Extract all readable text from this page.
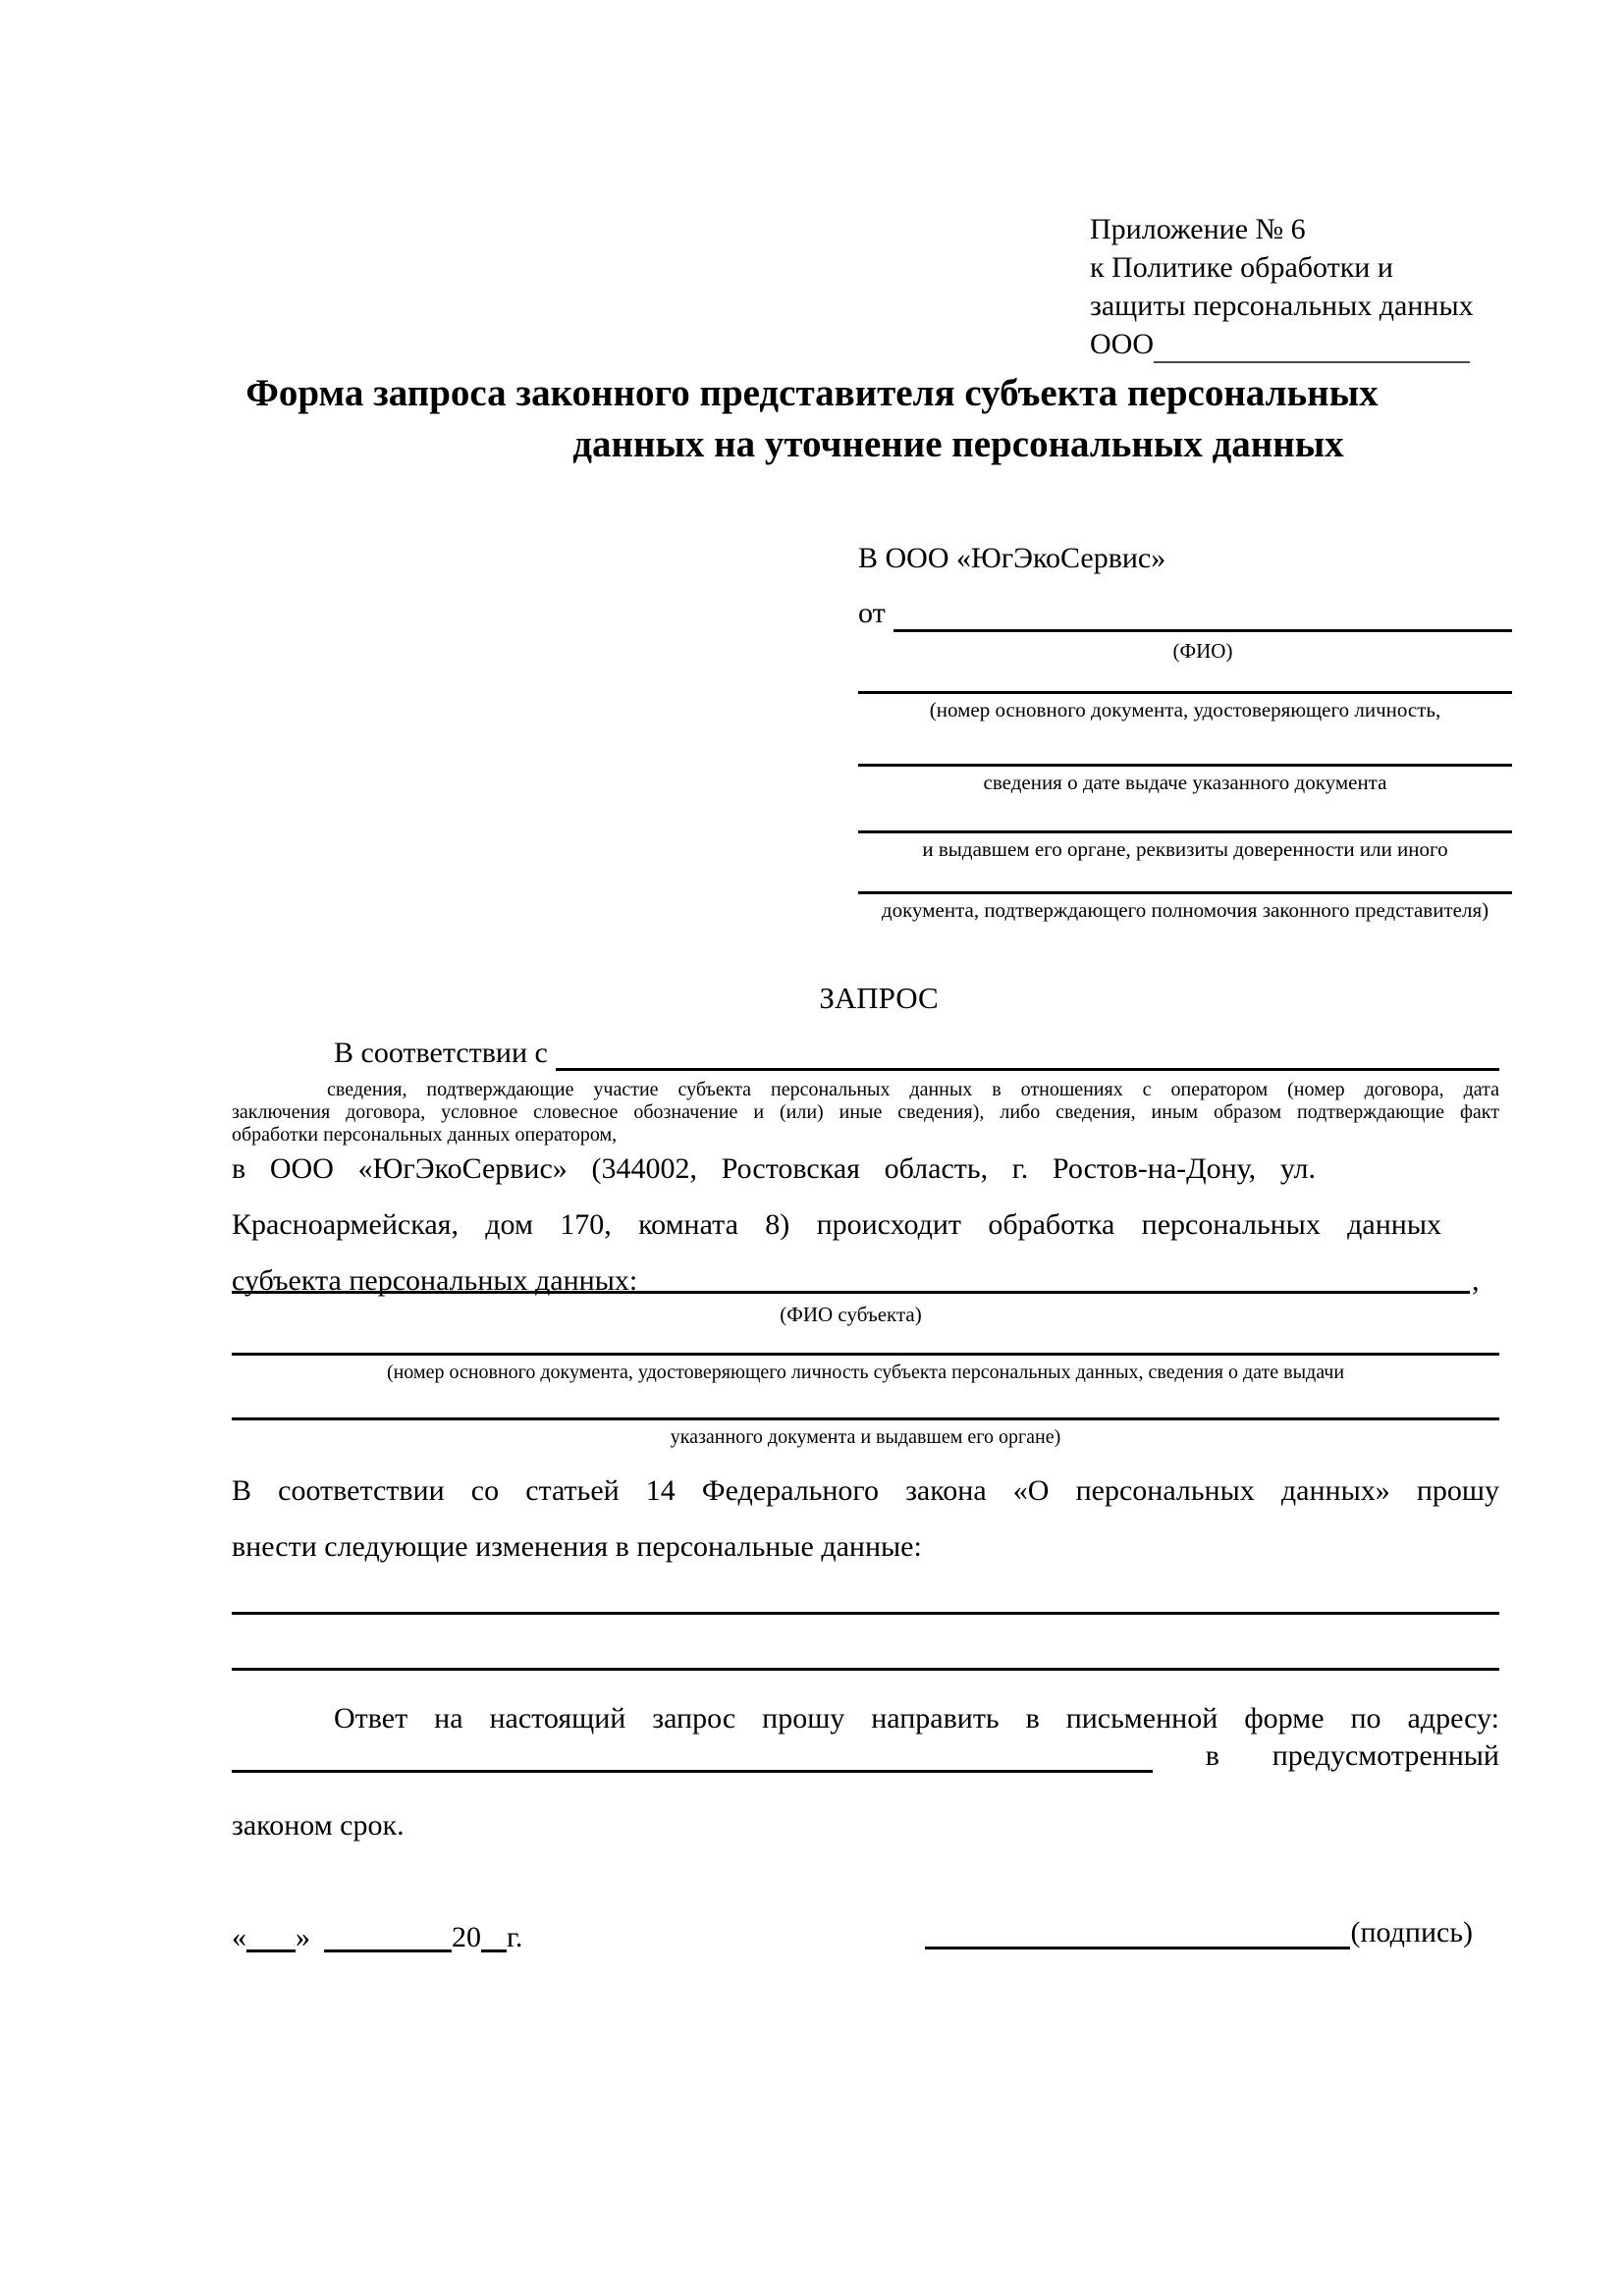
Приложение № 6
к Политике обработки и
защиты персональных данных
ООО
Форма запроса законного представителя субъекта персональных
данных на уточнение персональных данных
В ООО «ЮгЭкоСервис»
от
(ФИО)
(номер основного документа, удостоверяющего личность,
сведения о дате выдаче указанного документа
и выдавшем его органе, реквизиты доверенности или иного
документа, подтверждающего полномочия законного представителя)
ЗАПРОС
В соответствии с
сведения, подтверждающие участие субъекта персональных данных в отношениях с оператором (номер договора, дата
заключения договора, условное словесное обозначение и (или) иные сведения), либо сведения, иным образом подтверждающие факт
обработки персональных данных оператором,
в ООО «ЮгЭкоСервис» (344002, Ростовская область, г. Ростов-на-Дону, ул.
Красноармейская, дом 170, комната 8) происходит обработка персональных данных
субъекта персональных данных:	,
(ФИО субъекта)
(номер основного документа, удостоверяющего личность субъекта персональных данных, сведения о дате выдачи
указанного документа и выдавшем его органе)
В соответствии со статьей 14 Федерального закона «О персональных данных» прошу
внести следующие изменения в персональные данные:
Ответ на настоящий запрос прошу направить в письменной форме по адресу:
в предусмотренный
законом срок.
« »	20 г.	(подпись)
